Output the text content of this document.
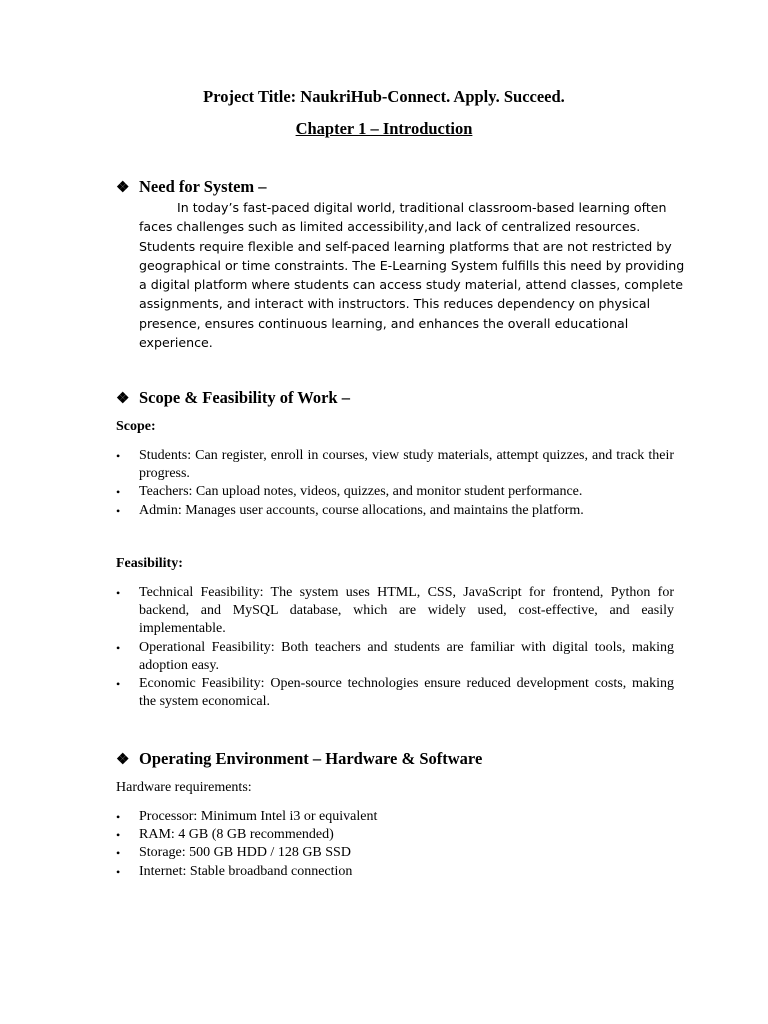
Project Title: NaukriHub-Connect. Apply. Succeed.
Chapter 1 – Introduction
❖ Need for System –
In today’s fast-paced digital world, traditional classroom-based learning often
faces challenges such as limited accessibility,and lack of centralized resources.
Students require flexible and self-paced learning platforms that are not restricted by
geographical or time constraints. The E-Learning System fulfills this need by providing
a digital platform where students can access study material, attend classes, complete
assignments, and interact with instructors. This reduces dependency on physical
presence, ensures continuous learning, and enhances the overall educational
experience.
❖ Scope & Feasibility of Work –
Scope:
• Students: Can register, enroll in courses, view study materials, attempt quizzes, and track their progress.
• Teachers: Can upload notes, videos, quizzes, and monitor student performance.
• Admin: Manages user accounts, course allocations, and maintains the platform.
Feasibility:
• Technical Feasibility: The system uses HTML, CSS, JavaScript for frontend, Python for backend, and MySQL database, which are widely used, cost-effective, and easily implementable.
• Operational Feasibility: Both teachers and students are familiar with digital tools, making adoption easy.
• Economic Feasibility: Open-source technologies ensure reduced development costs, making the system economical.
❖ Operating Environment – Hardware & Software
Hardware requirements:
• Processor: Minimum Intel i3 or equivalent
• RAM: 4 GB (8 GB recommended)
• Storage: 500 GB HDD / 128 GB SSD
• Internet: Stable broadband connection
